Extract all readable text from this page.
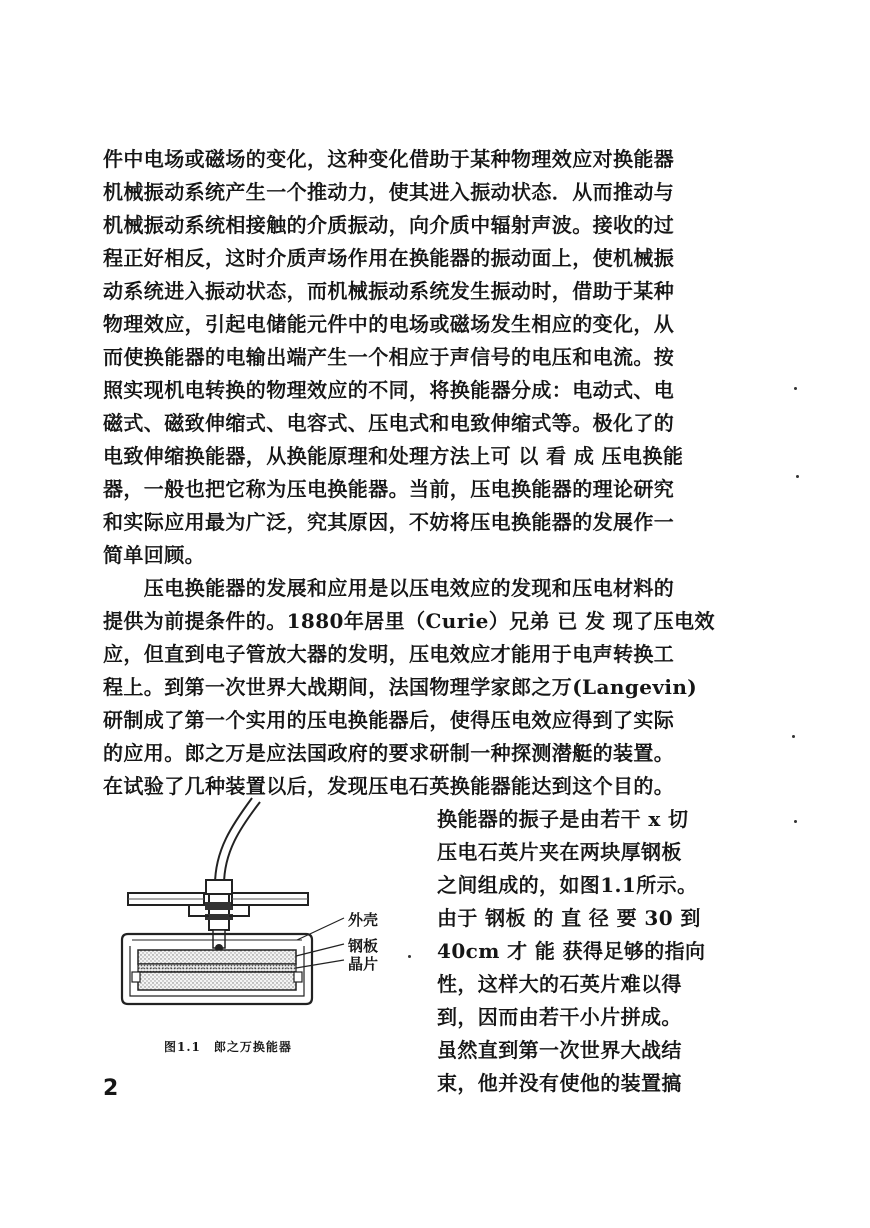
件中电场或磁场的变化，这种变化借助于某种物理效应对换能器
机械振动系统产生一个推动力，使其进入振动状态．从而推动与
机械振动系统相接触的介质振动，向介质中辐射声波。接收的过
程正好相反，这时介质声场作用在换能器的振动面上，使机械振
动系统进入振动状态，而机械振动系统发生振动时，借助于某种
物理效应，引起电储能元件中的电场或磁场发生相应的变化，从
而使换能器的电输出端产生一个相应于声信号的电压和电流。按
照实现机电转换的物理效应的不同，将换能器分成：电动式、电
磁式、磁致伸缩式、电容式、压电式和电致伸缩式等。极化了的
电致伸缩换能器，从换能原理和处理方法上可 以 看 成 压电换能
器，一般也把它称为压电换能器。当前，压电换能器的理论研究
和实际应用最为广泛，究其原因，不妨将压电换能器的发展作一
简单回顾。
　　压电换能器的发展和应用是以压电效应的发现和压电材料的
提供为前提条件的。1880年居里（Curie）兄弟 已 发 现了压电效
应，但直到电子管放大器的发明，压电效应才能用于电声转换工
程上。到第一次世界大战期间，法国物理学家郎之万(Langevin)
研制成了第一个实用的压电换能器后，使得压电效应得到了实际
的应用。郎之万是应法国政府的要求研制一种探测潜艇的装置。
在试验了几种装置以后，发现压电石英换能器能达到这个目的。
换能器的振子是由若干 x 切
压电石英片夹在两块厚钢板
之间组成的，如图1.1所示。
由于 钢板 的 直 径 要 30 到
40cm 才 能 获得足够的指向
性，这样大的石英片难以得
到，因而由若干小片拼成。
虽然直到第一次世界大战结
束，他并没有使他的装置搞
外壳
钢板
晶片
图1.1　郎之万换能器
2
